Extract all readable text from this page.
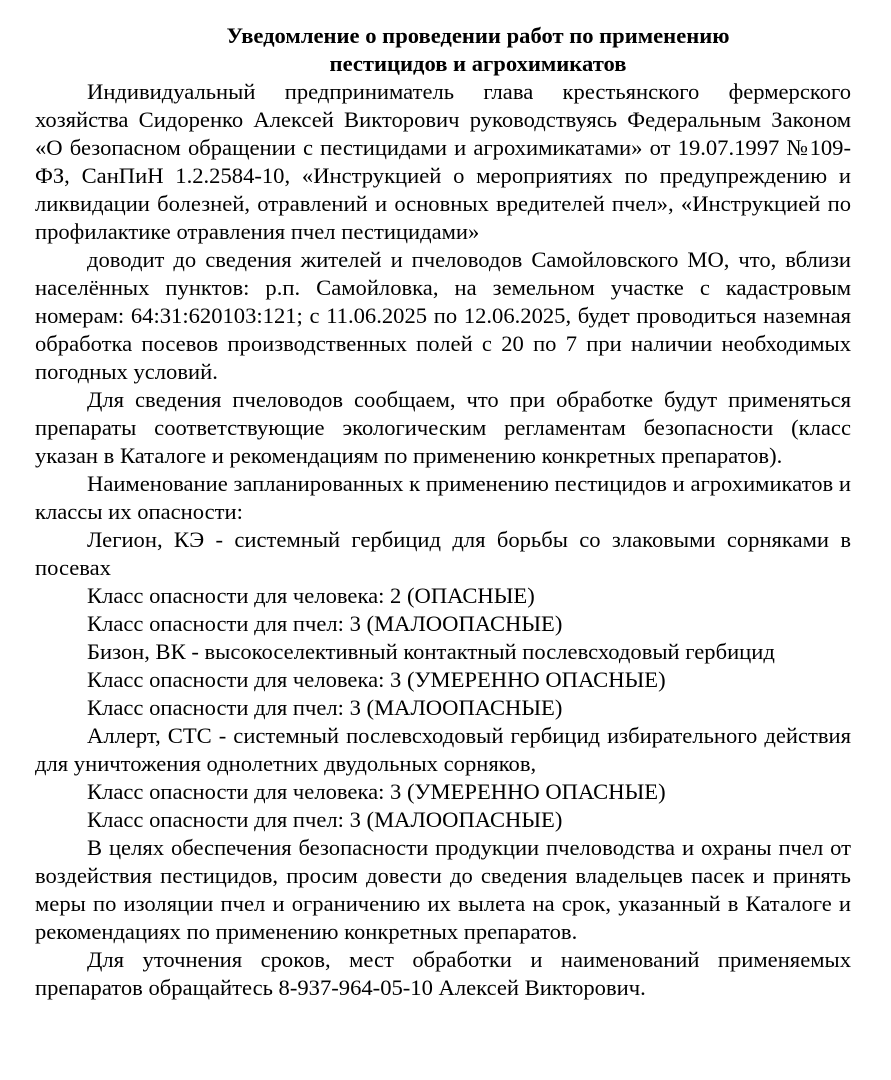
Уведомление о проведении работ по применению
пестицидов и агрохимикатов

Индивидуальный предприниматель глава крестьянского фермерского хозяйства Сидоренко Алексей Викторович руководствуясь Федеральным Законом «О безопасном обращении с пестицидами и агрохимикатами» от 19.07.1997 №109-ФЗ, СанПиН 1.2.2584-10, «Инструкцией о мероприятиях по предупреждению и ликвидации болезней, отравлений и основных вредителей пчел», «Инструкцией по профилактике отравления пчел пестицидами»

доводит до сведения жителей и пчеловодов Самойловского МО, что, вблизи населённых пунктов: р.п. Самойловка, на земельном участке с кадастровым номерам: 64:31:620103:121; с 11.06.2025 по 12.06.2025, будет проводиться наземная обработка посевов производственных полей с 20 по 7 при наличии необходимых погодных условий.

Для сведения пчеловодов сообщаем, что при обработке будут применяться препараты соответствующие экологическим регламентам безопасности (класс указан в Каталоге и рекомендациям по применению конкретных препаратов).

Наименование запланированных к применению пестицидов и агрохимикатов и классы их опасности:

Легион, КЭ - системный гербицид для борьбы со злаковыми сорняками в посевах

Класс опасности для человека: 2 (ОПАСНЫЕ)

Класс опасности для пчел: 3 (МАЛООПАСНЫЕ)

Бизон, ВК - высокоселективный контактный послевсходовый гербицид

Класс опасности для человека: 3 (УМЕРЕННО ОПАСНЫЕ)

Класс опасности для пчел: 3 (МАЛООПАСНЫЕ)

Аллерт, СТС - системный послевсходовый гербицид избирательного действия для уничтожения однолетних двудольных сорняков,

Класс опасности для человека: 3 (УМЕРЕННО ОПАСНЫЕ)

Класс опасности для пчел: 3 (МАЛООПАСНЫЕ)

В целях обеспечения безопасности продукции пчеловодства и охраны пчел от воздействия пестицидов, просим довести до сведения владельцев пасек и принять меры по изоляции пчел и ограничению их вылета на срок, указанный в Каталоге и рекомендациях по применению конкретных препаратов.

Для уточнения сроков, мест обработки и наименований применяемых препаратов обращайтесь 8-937-964-05-10 Алексей Викторович.
